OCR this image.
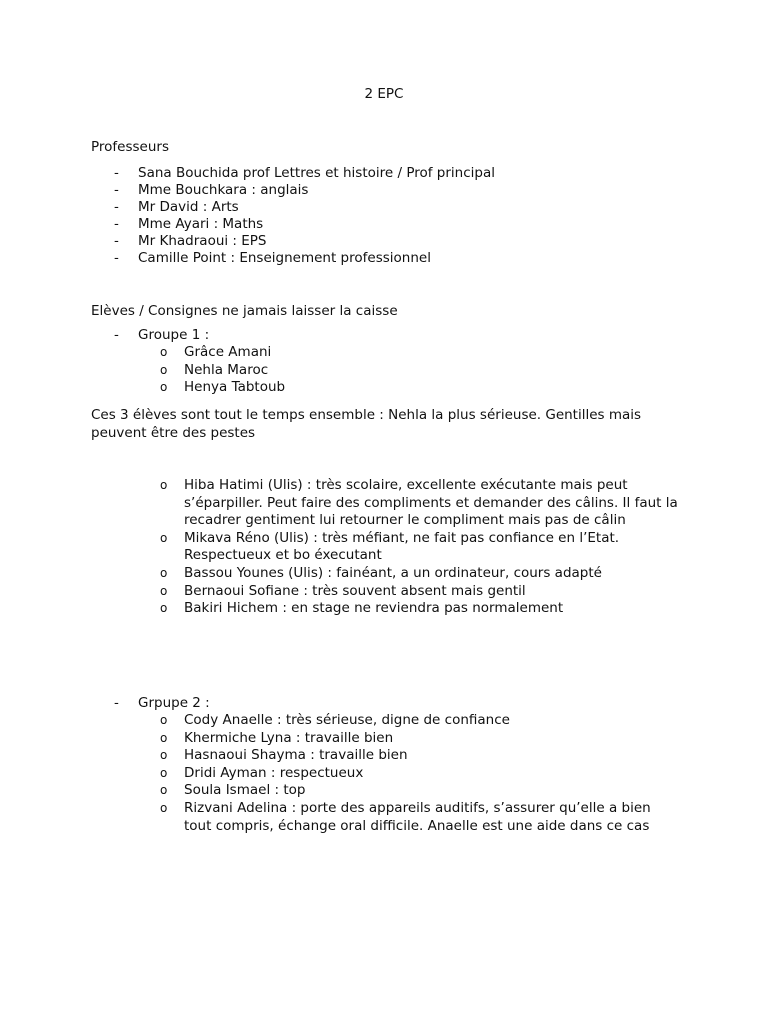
2 EPC
Professeurs
- Sana Bouchida prof Lettres et histoire / Prof principal
- Mme Bouchkara : anglais
- Mr David : Arts
- Mme Ayari : Maths
- Mr Khadraoui : EPS
- Camille Point : Enseignement professionnel
Elèves / Consignes ne jamais laisser la caisse
- Groupe 1 :
o Grâce Amani
o Nehla Maroc
o Henya Tabtoub
Ces 3 élèves sont tout le temps ensemble : Nehla la plus sérieuse. Gentilles mais peuvent être des pestes
o Hiba Hatimi (Ulis) : très scolaire, excellente exécutante mais peut s’éparpiller. Peut faire des compliments et demander des câlins. Il faut la recadrer gentiment lui retourner le compliment mais pas de câlin
o Mikava Réno (Ulis) : très méfiant, ne fait pas confiance en l’Etat. Respectueux et bo éxecutant
o Bassou Younes (Ulis) : fainéant, a un ordinateur, cours adapté
o Bernaoui Sofiane : très souvent absent mais gentil
o Bakiri Hichem : en stage ne reviendra pas normalement
- Grpupe 2 :
o Cody Anaelle : très sérieuse, digne de confiance
o Khermiche Lyna : travaille bien
o Hasnaoui Shayma : travaille bien
o Dridi Ayman : respectueux
o Soula Ismael : top
o Rizvani Adelina : porte des appareils auditifs, s’assurer qu’elle a bien tout compris, échange oral difficile. Anaelle est une aide dans ce cas
